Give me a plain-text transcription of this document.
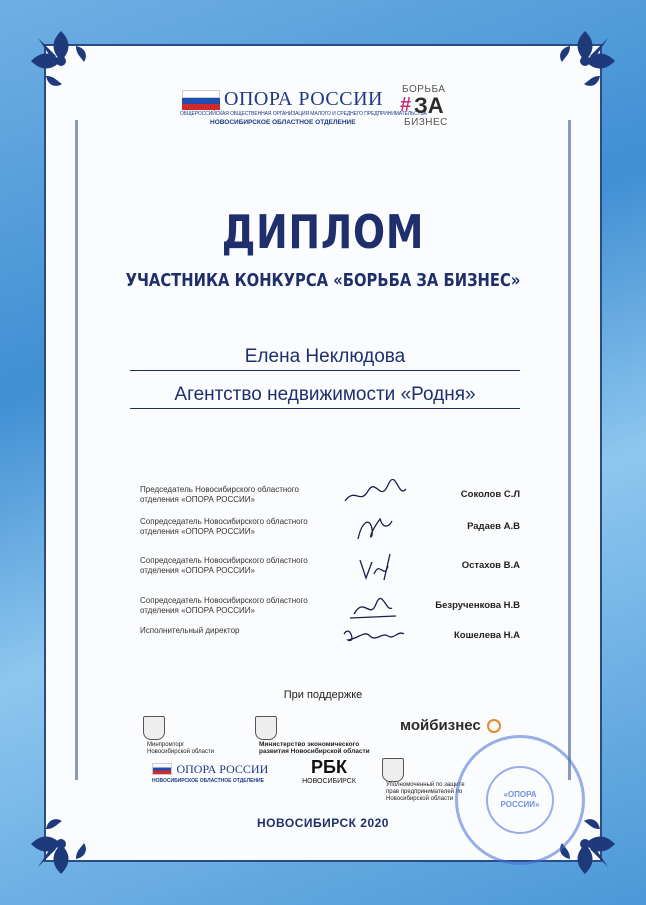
ОПОРА РОССИИ
ОБЩЕРОССИЙСКАЯ ОБЩЕСТВЕННАЯ ОРГАНИЗАЦИЯ МАЛОГО И СРЕДНЕГО ПРЕДПРИНИМАТЕЛЬСТВА
НОВОСИБИРСКОЕ ОБЛАСТНОЕ ОТДЕЛЕНИЕ
БОРЬБА
# ЗА
БИЗНЕС
ДИПЛОМ
УЧАСТНИКА КОНКУРСА «БОРЬБА ЗА БИЗНЕС»
Елена Неклюдова
Агентство недвижимости «Родня»
Председатель Новосибирского областного отделения «ОПОРА РОССИИ»	Соколов С.Л
Сопредседатель Новосибирского областного отделения «ОПОРА РОССИИ»	Радаев А.В
Сопредседатель Новосибирского областного отделения «ОПОРА РОССИИ»	Остахов В.А
Сопредседатель Новосибирского областного отделения «ОПОРА РОССИИ»	Безрученкова Н.В
Исполнительный директор	Кошелева Н.А
При поддержке
Минпромторг Новосибирской области
Министерство экономического развития Новосибирской области
мойбизнес
ОПОРА РОССИИ
НОВОСИБИРСКОЕ ОБЛАСТНОЕ ОТДЕЛЕНИЕ
РБК
НОВОСИБИРСК	Уполномоченный по защите прав предпринимателей по Новосибирской области	«ОПОРА РОССИИ»
НОВОСИБИРСК 2020
